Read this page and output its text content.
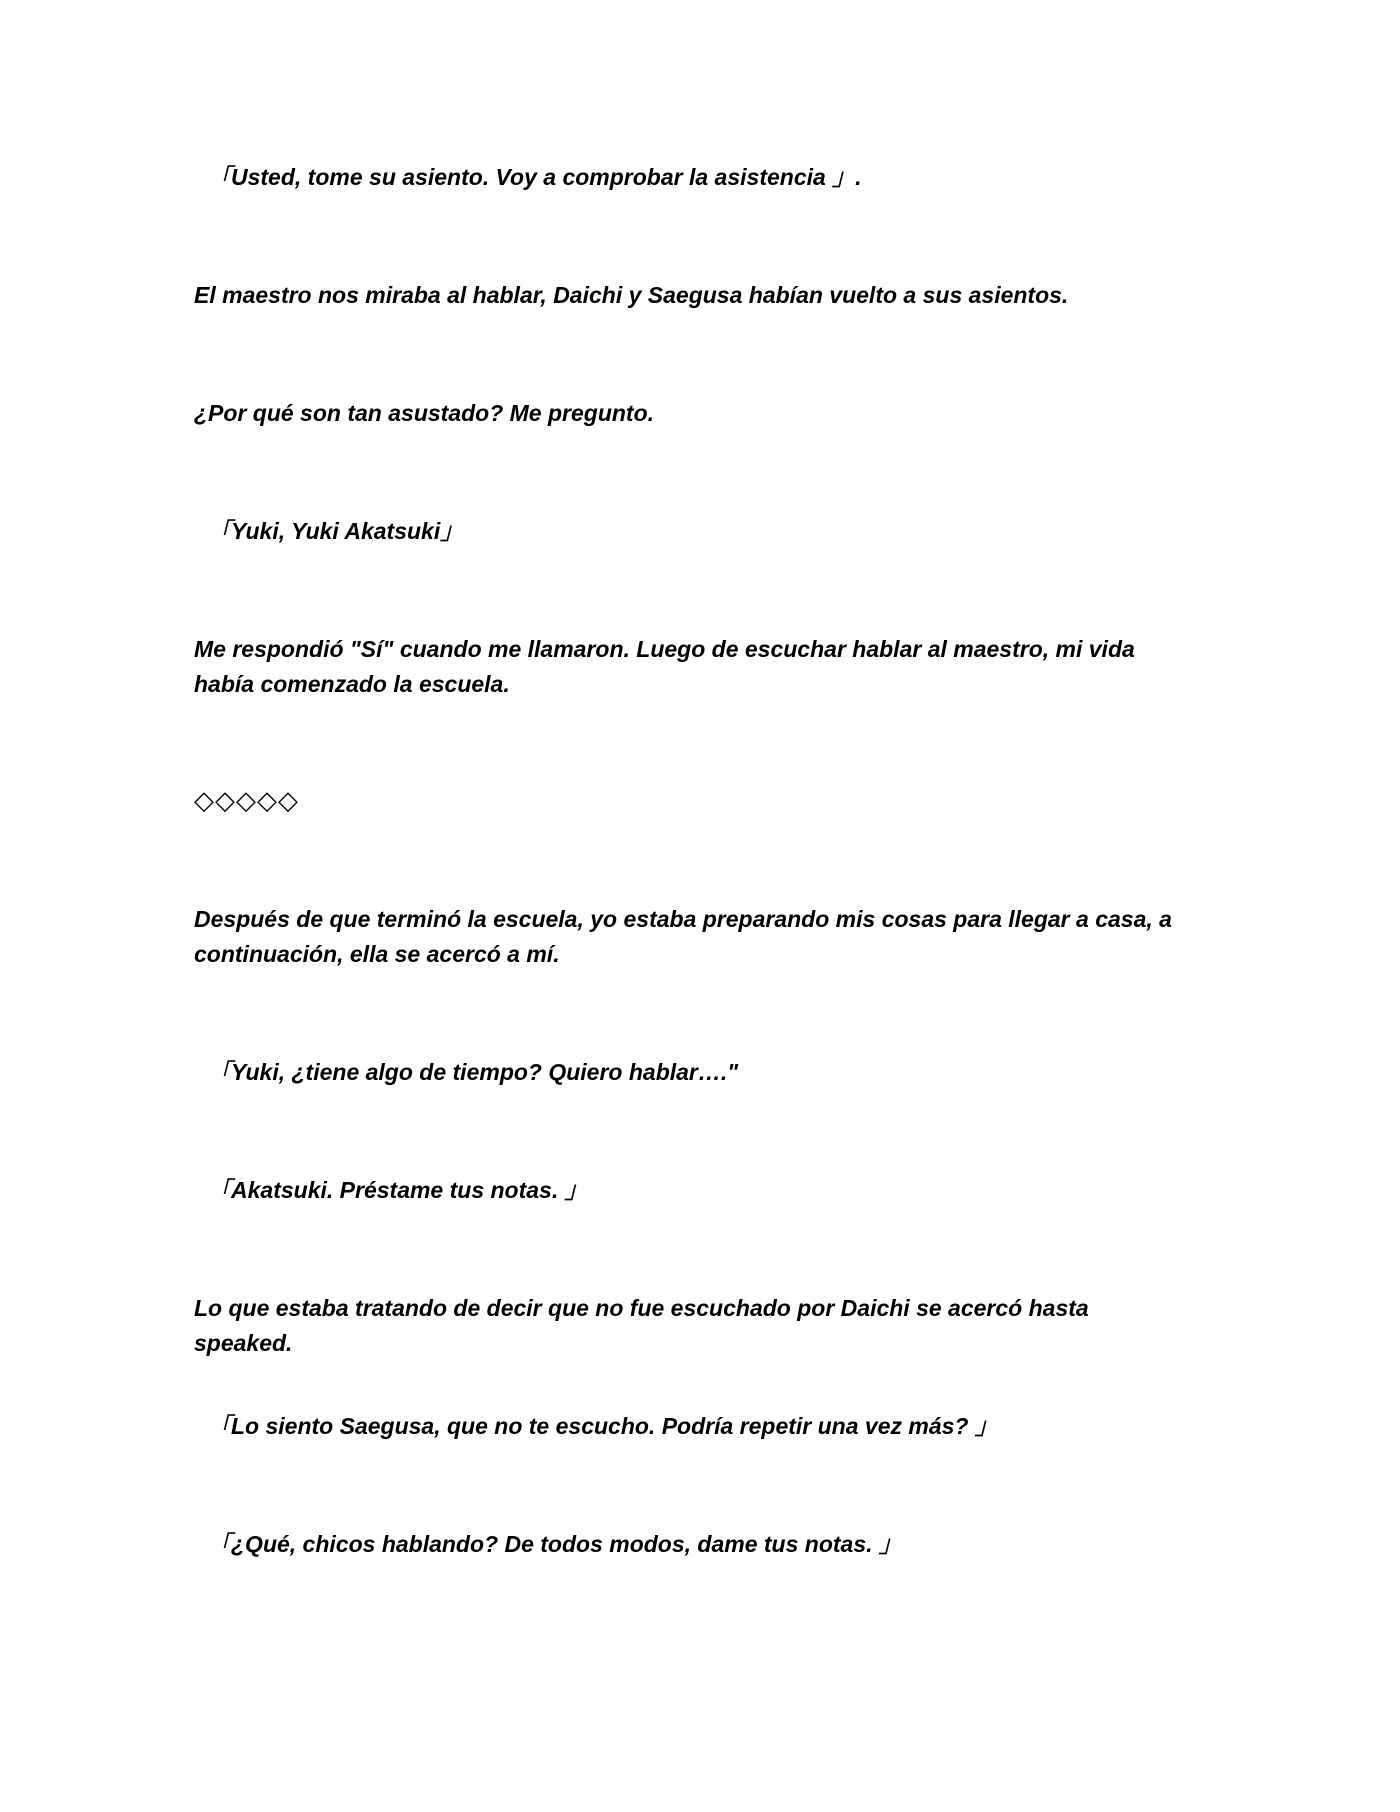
「Usted, tome su asiento. Voy a comprobar la asistencia 」.

El maestro nos miraba al hablar, Daichi y Saegusa habían vuelto a sus asientos.

¿Por qué son tan asustado? Me pregunto.

「Yuki, Yuki Akatsuki」

Me respondió "Sí" cuando me llamaron. Luego de escuchar hablar al maestro, mi vida había comenzado la escuela.

◇◇◇◇◇

Después de que terminó la escuela, yo estaba preparando mis cosas para llegar a casa, a continuación, ella se acercó a mí.

「Yuki, ¿tiene algo de tiempo? Quiero hablar…."

「Akatsuki. Préstame tus notas. 」

Lo que estaba tratando de decir que no fue escuchado por Daichi se acercó hasta speaked.

「Lo siento Saegusa, que no te escucho. Podría repetir una vez más? 」

「¿Qué, chicos hablando? De todos modos, dame tus notas. 」
